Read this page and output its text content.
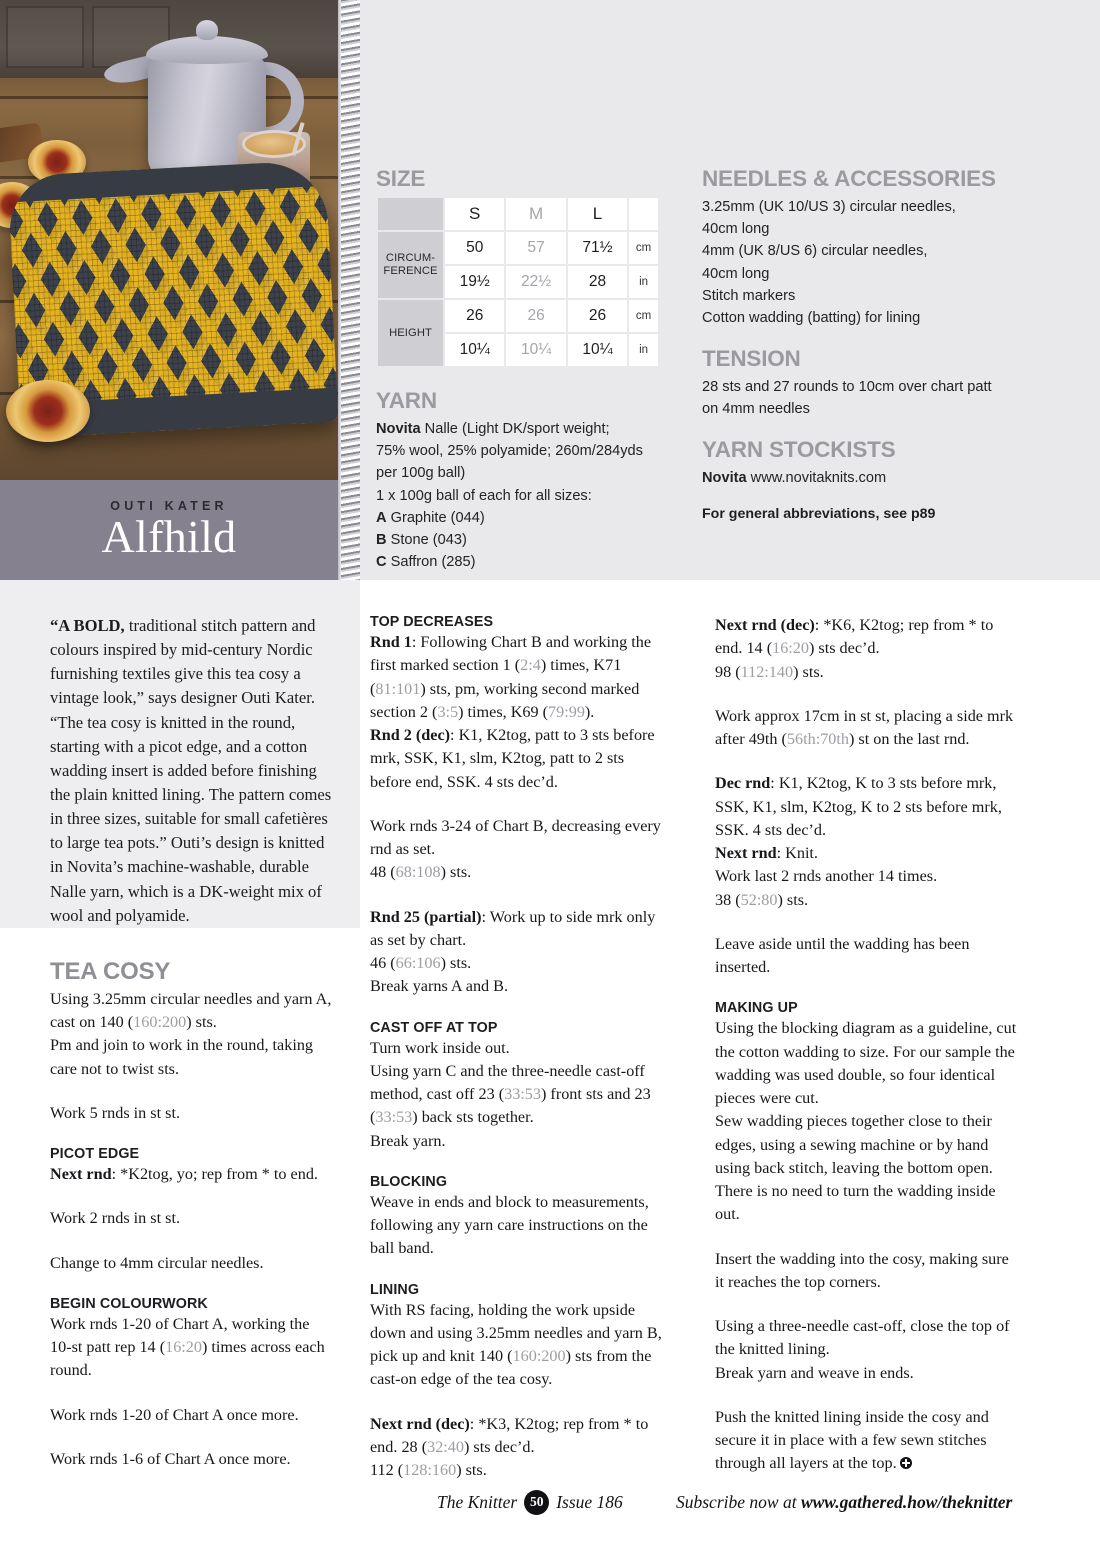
OUTI KATER
Alfhild
SIZE
	S	M	L	
CIRCUM‑
FERENCE	50	57	71½	cm
	19½	22½	28	in
HEIGHT	26	26	26	cm
	10¼	10¼	10¼	in
YARN
Novita Nalle (Light DK/sport weight;
75% wool, 25% polyamide; 260m/284yds
per 100g ball)
1 x 100g ball of each for all sizes:
A Graphite (044)
B Stone (043)
C Saffron (285)
NEEDLES & ACCESSORIES
3.25mm (UK 10/US 3) circular needles,
40cm long
4mm (UK 8/US 6) circular needles,
40cm long
Stitch markers
Cotton wadding (batting) for lining
TENSION
28 sts and 27 rounds to 10cm over chart patt
on 4mm needles
YARN STOCKISTS
Novita www.novitaknits.com
For general abbreviations, see p89

“A BOLD, traditional stitch pattern and colours inspired by mid-century Nordic furnishing textiles give this tea cosy a vintage look,” says designer Outi Kater. “The tea cosy is knitted in the round, starting with a picot edge, and a cotton wadding insert is added before finishing the plain knitted lining. The pattern comes in three sizes, suitable for small cafetières to large tea pots.” Outi’s design is knitted in Novita’s machine-washable, durable Nalle yarn, which is a DK-weight mix of wool and polyamide.

TEA COSY

Using 3.25mm circular needles and yarn A, cast on 140 (160:200) sts.
Pm and join to work in the round, taking care not to twist sts.

Work 5 rnds in st st.

PICOT EDGE

Next rnd: *K2tog, yo; rep from * to end.

Work 2 rnds in st st.

Change to 4mm circular needles.

BEGIN COLOURWORK

Work rnds 1-20 of Chart A, working the 10-st patt rep 14 (16:20) times across each round.

Work rnds 1-20 of Chart A once more.

Work rnds 1-6 of Chart A once more.

TOP DECREASES

Rnd 1: Following Chart B and working the first marked section 1 (2:4) times, K71 (81:101) sts, pm, working second marked section 2 (3:5) times, K69 (79:99).

Rnd 2 (dec): K1, K2tog, patt to 3 sts before mrk, SSK, K1, slm, K2tog, patt to 2 sts before end, SSK. 4 sts dec’d.

Work rnds 3-24 of Chart B, decreasing every rnd as set.
48 (68:108) sts.

Rnd 25 (partial): Work up to side mrk only as set by chart.
46 (66:106) sts.
Break yarns A and B.

CAST OFF AT TOP

Turn work inside out.
Using yarn C and the three-needle cast-off method, cast off 23 (33:53) front sts and 23 (33:53) back sts together.
Break yarn.

BLOCKING

Weave in ends and block to measurements, following any yarn care instructions on the ball band.

LINING

With RS facing, holding the work upside down and using 3.25mm needles and yarn B, pick up and knit 140 (160:200) sts from the cast-on edge of the tea cosy.

Next rnd (dec): *K3, K2tog; rep from * to end. 28 (32:40) sts dec’d.
112 (128:160) sts.

Next rnd (dec): *K6, K2tog; rep from * to end. 14 (16:20) sts dec’d.
98 (112:140) sts.

Work approx 17cm in st st, placing a side mrk after 49th (56th:70th) st on the last rnd.

Dec rnd: K1, K2tog, K to 3 sts before mrk, SSK, K1, slm, K2tog, K to 2 sts before mrk, SSK. 4 sts dec’d.

Next rnd: Knit.

Work last 2 rnds another 14 times.
38 (52:80) sts.

Leave aside until the wadding has been inserted.

MAKING UP

Using the blocking diagram as a guideline, cut the cotton wadding to size. For our sample the wadding was used double, so four identical pieces were cut.

Sew wadding pieces together close to their edges, using a sewing machine or by hand using back stitch, leaving the bottom open. There is no need to turn the wadding inside out.

Insert the wadding into the cosy, making sure it reaches the top corners.

Using a three-needle cast-off, close the top of the knitted lining.
Break yarn and weave in ends.

Push the knitted lining inside the cosy and secure it in place with a few sewn stitches through all layers at the top.

The Knitter 50 Issue 186	Subscribe now at www.gathered.how/theknitter
